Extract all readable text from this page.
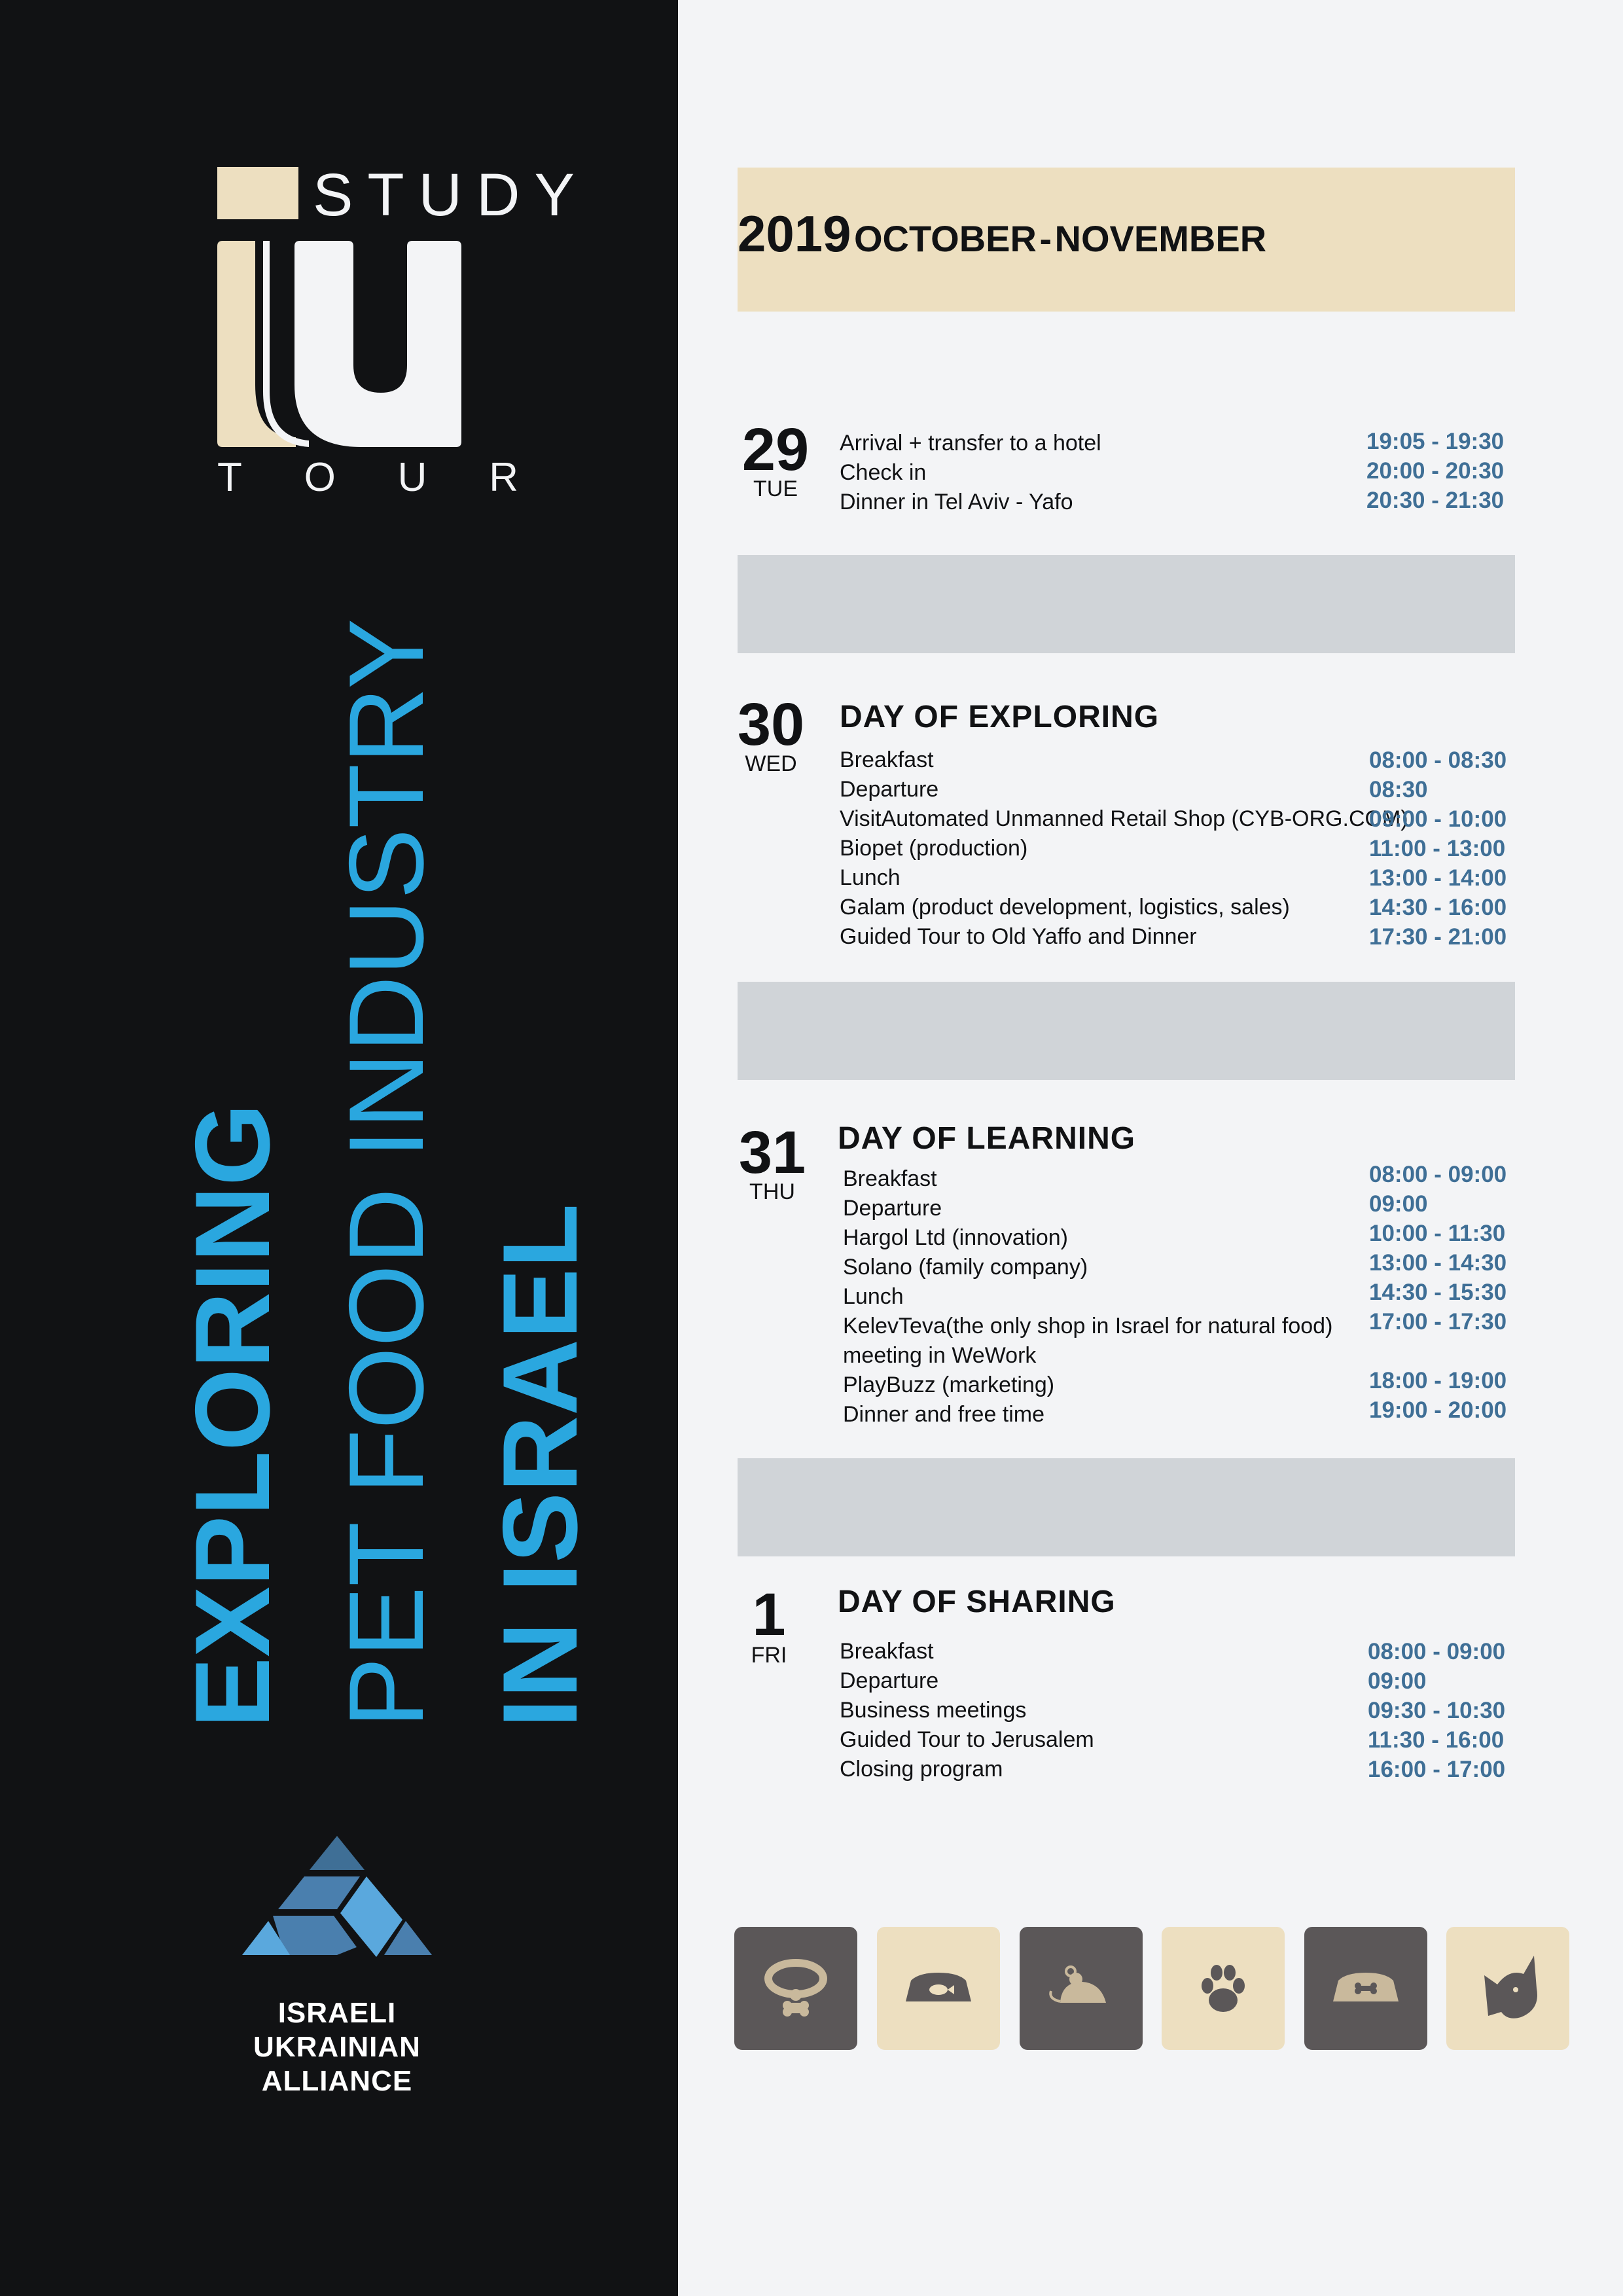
STUDY
T O U R
EXPLORING PET FOOD INDUSTRY IN ISRAEL
ISRAELI UKRAINIAN
ALLIANCE
2019 OCTOBER - NOVEMBER
29
TUE
Arrival + transfer to a hotel
Check in
Dinner in Tel Aviv - Yafo
19:05 - 19:30
20:00 - 20:30
20:30 - 21:30
30
WED
DAY OF EXPLORING
Breakfast
Departure
VisitAutomated Unmanned Retail Shop (CYB-ORG.COM)
Biopet (production)
Lunch
Galam (product development, logistics, sales)
Guided Tour to Old Yaffo and Dinner
08:00 - 08:30
08:30
09:00 - 10:00
11:00 - 13:00
13:00 - 14:00
14:30 - 16:00
17:30 - 21:00
31
THU
DAY OF LEARNING
Breakfast
Departure
Hargol Ltd (innovation)
Solano (family company)
Lunch
KelevTeva(the only shop in Israel for natural food)
meeting in WeWork
PlayBuzz (marketing)
Dinner and free time
08:00 - 09:00
09:00
10:00 - 11:30
13:00 - 14:30
14:30 - 15:30
17:00 - 17:30
18:00 - 19:00
19:00 - 20:00
1
FRI
DAY OF SHARING
Breakfast
Departure
Business meetings
Guided Tour to Jerusalem
Closing program
08:00 - 09:00
09:00
09:30 - 10:30
11:30 - 16:00
16:00 - 17:00
